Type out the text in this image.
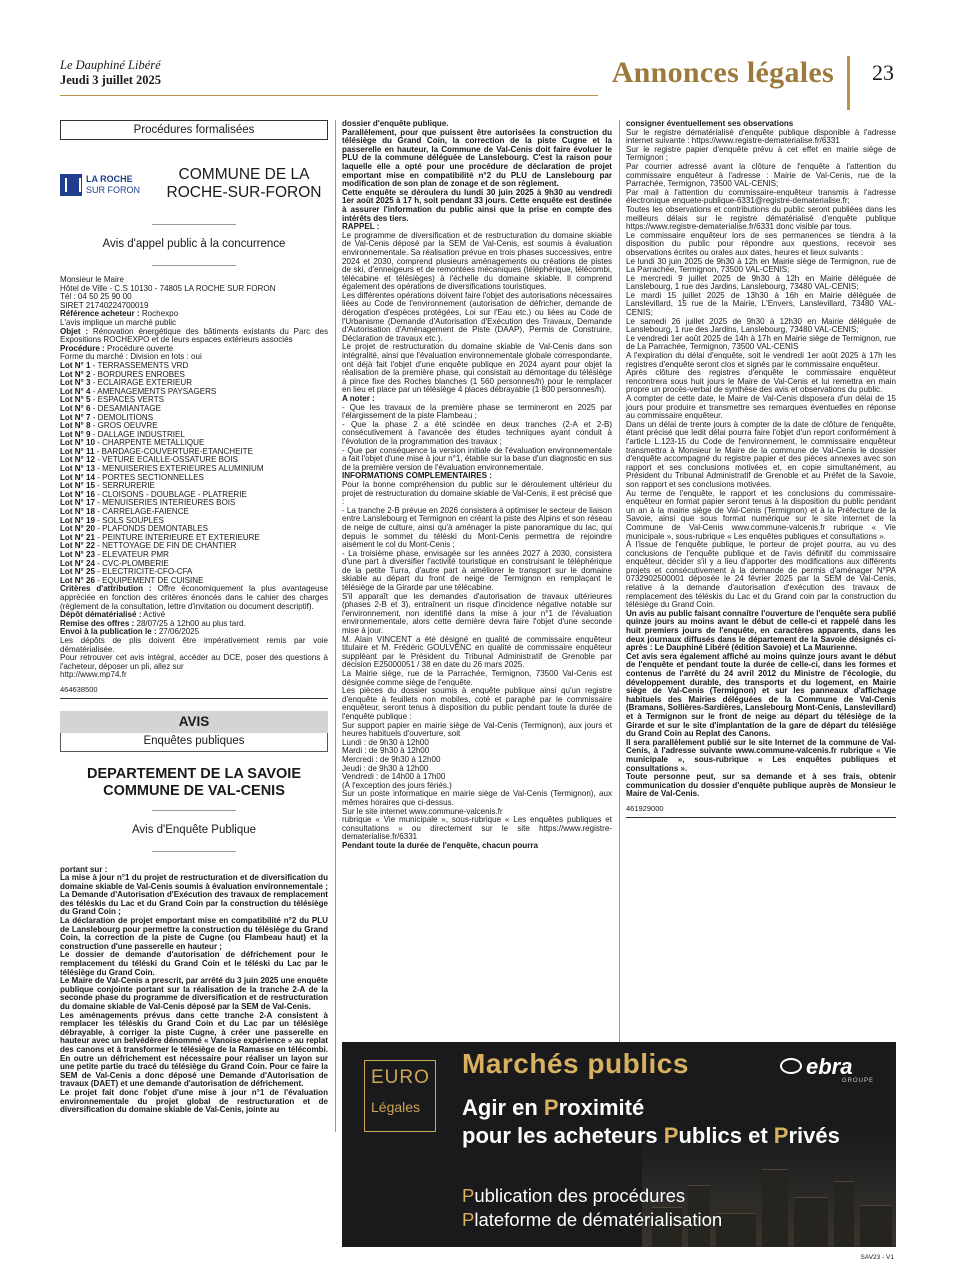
Le Dauphiné Libéré
Jeudi 3 juillet 2025	Annonces légales 23
Procédures formalisées
LA ROCHE
SUR FORON
COMMUNE DE LA
ROCHE-SUR-FORON
Avis d'appel public à la concurrence

Monsieur le Maire

Hôtel de Ville - C.S 10130 - 74805 LA ROCHE SUR FORON

Tél : 04 50 25 90 00

SIRET 21740224700019

Référence acheteur : Rochexpo

L'avis implique un marché public

Objet : Rénovation énergétique des bâtiments existants du Parc des Expositions ROCHEXPO et de leurs espaces extérieurs associés

Procédure : Procédure ouverte

Forme du marché : Division en lots : oui

Lot N° 1 - TERRASSEMENTS VRD

Lot N° 2 - BORDURES ENROBES

Lot N° 3 - ECLAIRAGE EXTERIEUR

Lot N° 4 - AMENAGEMENTS PAYSAGERS

Lot N° 5 - ESPACES VERTS

Lot N° 6 - DESAMIANTAGE

Lot N° 7 - DEMOLITIONS

Lot N° 8 - GROS OEUVRE

Lot N° 9 - DALLAGE INDUSTRIEL

Lot N° 10 - CHARPENTE METALLIQUE

Lot N° 11 - BARDAGE-COUVERTURE-ETANCHEITE

Lot N° 12 - VETURE ECAILLE-OSSATURE BOIS

Lot N° 13 - MENUISERIES EXTERIEURES ALUMINIUM

Lot N° 14 - PORTES SECTIONNELLES

Lot N° 15 - SERRURERIE

Lot N° 16 - CLOISONS - DOUBLAGE - PLATRERIE

Lot N° 17 - MENUISERIES INTERIEURES BOIS

Lot N° 18 - CARRELAGE-FAIENCE

Lot N° 19 - SOLS SOUPLES

Lot N° 20 - PLAFONDS DEMONTABLES

Lot N° 21 - PEINTURE INTERIEURE ET EXTERIEURE

Lot N° 22 - NETTOYAGE DE FIN DE CHANTIER

Lot N° 23 - ELEVATEUR PMR

Lot N° 24 - CVC-PLOMBERIE

Lot N° 25 - ELECTRICITE-CFO-CFA

Lot N° 26 - EQUIPEMENT DE CUISINE

Critères d'attribution : Offre économiquement la plus avantageuse appréciée en fonction des critères énoncés dans le cahier des charges (règlement de la consultation, lettre d'invitation ou document descriptif).

Dépôt dématérialisé : Activé

Remise des offres : 28/07/25 à 12h00 au plus tard.

Envoi à la publication le : 27/06/2025

Les dépôts de plis doivent être impérativement remis par voie dématérialisée.

Pour retrouver cet avis intégral, accéder au DCE, poser des questions à l'acheteur, déposer un pli, allez sur

http://www.mp74.fr

464638500
AVIS
Enquêtes publiques
DEPARTEMENT DE LA SAVOIE
COMMUNE DE VAL-CENIS
Avis d'Enquête Publique

portant sur :

La mise à jour n°1 du projet de restructuration et de diversification du domaine skiable de Val-Cenis soumis à évaluation environnementale ;

La Demande d'Autorisation d'Exécution des travaux de remplacement des téléskis du Lac et du Grand Coin par la construction du télésiège du Grand Coin ;

La déclaration de projet emportant mise en compatibilité n°2 du PLU de Lanslebourg pour permettre la construction du télésiège du Grand Coin, la correction de la piste de Cugne (ou Flambeau haut) et la construction d'une passerelle en hauteur ;

Le dossier de demande d'autorisation de défrichement pour le remplacement du téléski du Grand Coin et le téléski du Lac par le télésiège du Grand Coin.

Le Maire de Val-Cenis a prescrit, par arrêté du 3 juin 2025 une enquête publique conjointe portant sur la réalisation de la tranche 2-A de la seconde phase du programme de diversification et de restructuration du domaine skiable de Val-Cenis déposé par la SEM de Val-Cenis.

Les aménagements prévus dans cette tranche 2-A consistent à remplacer les téléskis du Grand Coin et du Lac par un télésiège débrayable, à corriger la piste Cugne, à créer une passerelle en hauteur avec un belvédère dénommé « Vanoise expérience » au replat des canons et à transformer le télésiège de la Ramasse en télécombi. En outre un défrichement est nécessaire pour réaliser un layon sur une petite partie du tracé du télésiège du Grand Coin. Pour ce faire la SEM de Val-Cenis a donc déposé une Demande d'Autorisation de travaux (DAET) et une demande d'autorisation de défrichement.

Le projet fait donc l'objet d'une mise à jour n°1 de l'évaluation environnementale du projet global de restructuration et de diversification du domaine skiable de Val-Cenis, jointe au

dossier d'enquête publique.

Parallèlement, pour que puissent être autorisées la construction du télésiège du Grand Coin, la correction de la piste Cugne et la passerelle en hauteur, la Commune de Val-Cenis doit faire évoluer le PLU de la commune déléguée de Lanslebourg. C'est la raison pour laquelle elle a opté pour une procédure de déclaration de projet emportant mise en compatibilité n°2 du PLU de Lanslebourg par modification de son plan de zonage et de son règlement.

Cette enquête se déroulera du lundi 30 juin 2025 à 9h30 au vendredi 1er août 2025 à 17 h, soit pendant 33 jours. Cette enquête est destinée à assurer l'information du public ainsi que la prise en compte des intérêts des tiers.

RAPPEL :

Le programme de diversification et de restructuration du domaine skiable de Val-Cenis déposé par la SEM de Val-Cenis, est soumis à évaluation environnementale. Sa réalisation prévue en trois phases successives, entre 2024 et 2030, comprend plusieurs aménagements ou créations de pistes de ski, d'enneigeurs et de remontées mécaniques (téléphérique, télécombi, télécabine et télésièges) à l'échelle du domaine skiable. Il comprend également des opérations de diversifications touristiques.

Les différentes opérations doivent faire l'objet des autorisations nécessaires liées au Code de l'environnement (autorisation de défricher, demande de dérogation d'espèces protégées, Loi sur l'Eau etc.) ou liées au Code de l'Urbanisme (Demande d'Autorisation d'Exécution des Travaux, Demande d'Autorisation d'Aménagement de Piste (DAAP), Permis de Construire, Déclaration de travaux etc.).

Le projet de restructuration du domaine skiable de Val-Cenis dans son intégralité, ainsi que l'évaluation environnementale globale correspondante, ont déjà fait l'objet d'une enquête publique en 2024 ayant pour objet la réalisation de la première phase, qui consistait au démontage du télésiège à pince fixe des Roches blanches (1 560 personnes/h) pour le remplacer en lieu et place par un télésiège 4 places débrayable (1 800 personnes/h).

A noter :

- Que les travaux de la première phase se termineront en 2025 par l'élargissement de la piste Flambeau ;

- Que la phase 2 a été scindée en deux tranches (2-A et 2-B) consécutivement à l'avancée des études techniques ayant conduit à l'évolution de la programmation des travaux ;

- Que par conséquence la version initiale de l'évaluation environnementale a fait l'objet d'une mise à jour n°1, établie sur la base d'un diagnostic en sus de la première version de l'évaluation environnementale.

INFORMATIONS COMPLEMENTAIRES :

Pour la bonne compréhension du public sur le déroulement ultérieur du projet de restructuration du domaine skiable de Val-Cenis, il est précisé que :

- La tranche 2-B prévue en 2026 consistera à optimiser le secteur de liaison entre Lanslebourg et Termignon en créant la piste des Alpins et son réseau de neige de culture, ainsi qu'à aménager la piste panoramique du lac, qui depuis le sommet du téléski du Mont-Cenis permettra de rejoindre aisément le col du Mont-Cenis ;

- La troisième phase, envisagée sur les années 2027 à 2030, consistera d'une part à diversifier l'activité touristique en construisant le téléphérique de la petite Turra, d'autre part à améliorer le transport sur le domaine skiable au départ du front de neige de Termignon en remplaçant le télésiège de la Girarde par une télécabine.

S'il apparaît que les demandes d'autorisation de travaux ultérieures (phases 2-B et 3), entraînent un risque d'incidence négative notable sur l'environnement, non identifié dans la mise à jour n°1 de l'évaluation environnementale, alors cette dernière devra faire l'objet d'une seconde mise à jour.

M. Alain VINCENT a été désigné en qualité de commissaire enquêteur titulaire et M. Frédéric GOULVENC en qualité de commissaire enquêteur suppléant par le Président du Tribunal Administratif de Grenoble par décision E25000051 / 38 en date du 26 mars 2025.

La Mairie siège, rue de la Parrachée, Termignon, 73500 Val-Cenis est désignée comme siège de l'enquête.

Les pièces du dossier soumis à enquête publique ainsi qu'un registre d'enquête à feuillets non mobiles, coté et paraphé par le commissaire enquêteur, seront tenus à disposition du public pendant toute la durée de l'enquête publique :

Sur support papier en mairie siège de Val-Cenis (Termignon), aux jours et heures habituels d'ouverture, soit

Lundi : de 9h30 à 12h00

Mardi : de 9h30 à 12h00

Mercredi : de 9h30 à 12h00

Jeudi : de 9h30 à 12h00

Vendredi : de 14h00 à 17h00

(À l'exception des jours fériés.)

Sur un poste informatique en mairie siège de Val-Cenis (Termignon), aux mêmes horaires que ci-dessus.

Sur le site internet www.commune-valcenis.fr

rubrique « Vie municipale », sous-rubrique « Les enquêtes publiques et consultations » ou directement sur le site https://www.registre-dematerialise.fr/6331

Pendant toute la durée de l'enquête, chacun pourra

consigner éventuellement ses observations

Sur le registre dématérialisé d'enquête publique disponible à l'adresse internet suivante : https://www.registre-dematerialise.fr/6331

Sur le registre papier d'enquête prévu à cet effet en mairie siège de Termignon ;

Par courrier adressé avant la clôture de l'enquête à l'attention du commissaire enquêteur à l'adresse : Mairie de Val-Cenis, rue de la Parrachée, Termignon, 73500 VAL-CENIS;

Par mail à l'attention du commissaire-enquêteur transmis à l'adresse électronique enquete-publique-6331@registre-dematerialise.fr;

Toutes les observations et contributions du public seront publiées dans les meilleurs délais sur le registre dématérialisé d'enquête publique https://www.registre-dematerialise.fr/6331 donc visible par tous.

Le commissaire enquêteur lors de ses permanences se tiendra à la disposition du public pour répondre aux questions, recevoir ses observations écrites ou orales aux dates, heures et lieux suivants :

Le lundi 30 juin 2025 de 9h30 à 12h en Mairie siège de Termignon, rue de La Parrachée, Termignon, 73500 VAL-CENIS;

Le mercredi 9 juillet 2025 de 9h30 à 12h en Mairie déléguée de Lanslebourg, 1 rue des Jardins, Lanslebourg, 73480 VAL-CENIS;

Le mardi 15 juillet 2025 de 13h30 à 16h en Mairie déléguée de Lanslevillard, 15 rue de la Mairie, L'Envers, Lanslevillard, 73480 VAL-CENIS;

Le samedi 26 juillet 2025 de 9h30 à 12h30 en Mairie déléguée de Lanslebourg, 1 rue des Jardins, Lanslebourg, 73480 VAL-CENIS;

Le vendredi 1er août 2025 de 14h à 17h en Mairie siège de Termignon, rue de La Parrachée, Termignon, 73500 VAL-CENIS

A l'expiration du délai d'enquête, soit le vendredi 1er août 2025 à 17h les registres d'enquête seront clos et signés par le commissaire enquêteur.

Après clôture des registres d'enquête le commissaire enquêteur rencontrera sous huit jours le Maire de Val-Cenis et lui remettra en main propre un procès-verbal de synthèse des avis et observations du public.

A compter de cette date, le Maire de Val-Cenis disposera d'un délai de 15 jours pour produire et transmettre ses remarques éventuelles en réponse au commissaire enquêteur.

Dans un délai de trente jours à compter de la date de clôture de l'enquête, étant précisé que ledit délai pourra faire l'objet d'un report conformément à l'article L.123-15 du Code de l'environnement, le commissaire enquêteur transmettra à Monsieur le Maire de la commune de Val-Cenis le dossier d'enquête accompagné du registre papier et des pièces annexes avec son rapport et ses conclusions motivées et, en copie simultanément, au Président du Tribunal Administratif de Grenoble et au Préfet de la Savoie, son rapport et ses conclusions motivées.

Au terme de l'enquête, le rapport et les conclusions du commissaire-enquêteur en format papier seront tenus à la disposition du public pendant un an à la mairie siège de Val-Cenis (Termignon) et à la Préfecture de la Savoie, ainsi que sous format numérique sur le site internet de la Commune de Val-Cenis www.commune-valcenis.fr rubrique « Vie municipale », sous-rubrique « Les enquêtes publiques et consultations ».

À l'issue de l'enquête publique, le porteur de projet pourra, au vu des conclusions de l'enquête publique et de l'avis définitif du commissaire enquêteur, décider s'il y a lieu d'apporter des modifications aux différents projets et consécutivement à la demande de permis d'aménager N°PA 0732902500001 déposée le 24 février 2025 par la SEM de Val-Cenis, relative à la demande d'autorisation d'exécution des travaux de remplacement des téléskis du Lac et du Grand coin par la construction du télésiège du Grand Coin.

Un avis au public faisant connaître l'ouverture de l'enquête sera publié quinze jours au moins avant le début de celle-ci et rappelé dans les huit premiers jours de l'enquête, en caractères apparents, dans les deux journaux diffusés dans le département de la Savoie désignés ci-après : Le Dauphiné Libéré (édition Savoie) et La Maurienne.

Cet avis sera également affiché au moins quinze jours avant le début de l'enquête et pendant toute la durée de celle-ci, dans les formes et contenus de l'arrêté du 24 avril 2012 du Ministre de l'écologie, du développement durable, des transports et du logement, en Mairie siège de Val-Cenis (Termignon) et sur les panneaux d'affichage habituels des Mairies déléguées de la Commune de Val-Cenis (Bramans, Sollières-Sardières, Lanslebourg Mont-Cenis, Lanslevillard) et à Termignon sur le front de neige au départ du télésiège de la Girarde et sur le site d'implantation de la gare de départ du télésiège du Grand Coin au Replat des Canons.

Il sera parallèlement publié sur le site Internet de la commune de Val-Cenis, à l'adresse suivante www.commune-valcenis.fr rubrique « Vie municipale », sous-rubrique « Les enquêtes publiques et consultations ».

Toute personne peut, sur sa demande et à ses frais, obtenir communication du dossier d'enquête publique auprès de Monsieur le Maire de Val-Cenis.

461929000
EURO
Légales
Marchés publics
Agir en Proximité
pour les acheteurs Publics et Privés
Publication des procédures
Plateforme de dématérialisation
ebra
GROUPE
SAV23 - V1
